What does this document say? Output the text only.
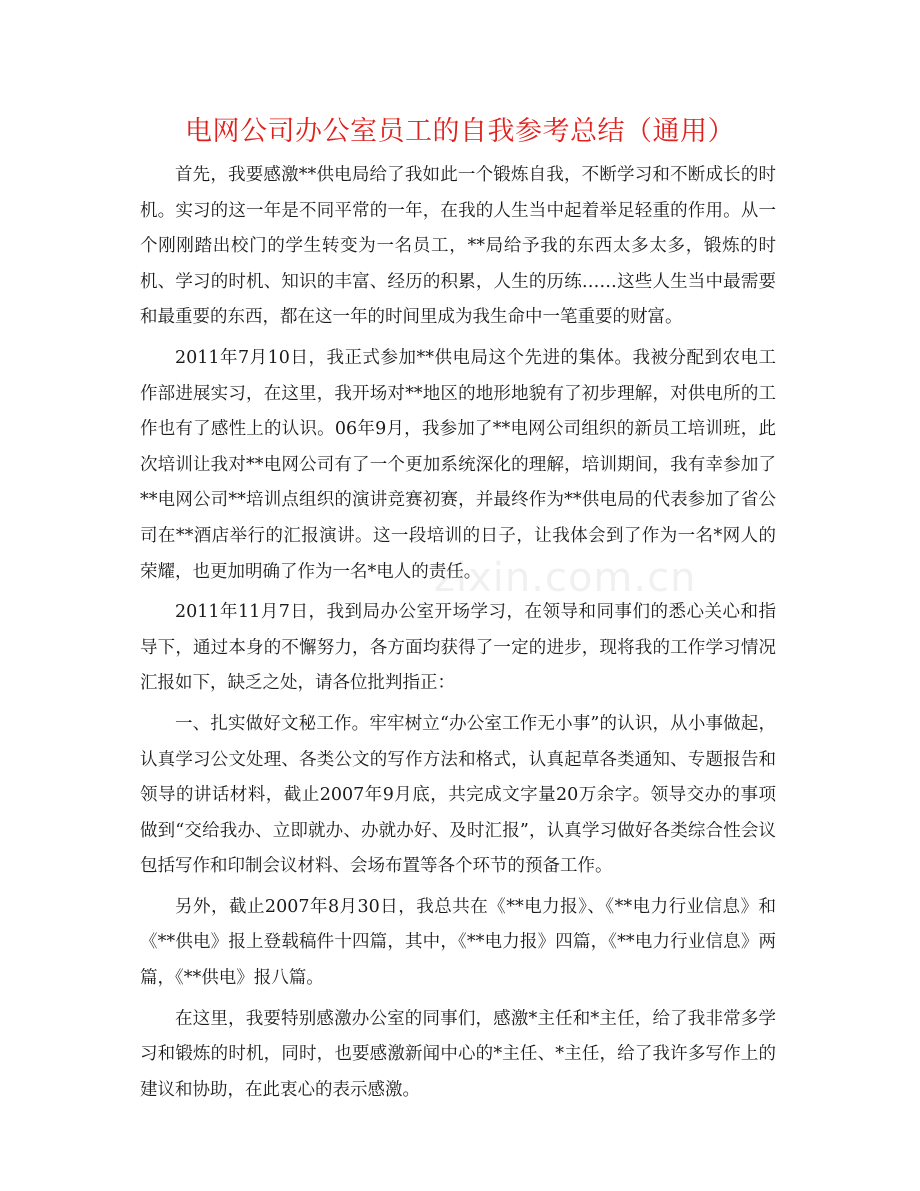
电网公司办公室员工的自我参考总结（通用）

首先，我要感激**供电局给了我如此一个锻炼自我，不断学习和不断成长的时机。实习的这一年是不同平常的一年，在我的人生当中起着举足轻重的作用。从一个刚刚踏出校门的学生转变为一名员工，**局给予我的东西太多太多，锻炼的时机、学习的时机、知识的丰富、经历的积累，人生的历练……这些人生当中最需要和最重要的东西，都在这一年的时间里成为我生命中一笔重要的财富。

2011年7月10日，我正式参加**供电局这个先进的集体。我被分配到农电工作部进展实习，在这里，我开场对**地区的地形地貌有了初步理解，对供电所的工作也有了感性上的认识。06年9月，我参加了**电网公司组织的新员工培训班，此次培训让我对**电网公司有了一个更加系统深化的理解，培训期间，我有幸参加了**电网公司**培训点组织的演讲竞赛初赛，并最终作为**供电局的代表参加了省公司在**酒店举行的汇报演讲。这一段培训的日子，让我体会到了作为一名*网人的荣耀，也更加明确了作为一名*电人的责任。

2011年11月7日，我到局办公室开场学习，在领导和同事们的悉心关心和指导下，通过本身的不懈努力，各方面均获得了一定的进步，现将我的工作学习情况汇报如下，缺乏之处，请各位批判指正：

一、扎实做好文秘工作。牢牢树立“办公室工作无小事”的认识，从小事做起，认真学习公文处理、各类公文的写作方法和格式，认真起草各类通知、专题报告和领导的讲话材料，截止2007年9月底，共完成文字量20万余字。领导交办的事项做到“交给我办、立即就办、办就办好、及时汇报”，认真学习做好各类综合性会议包括写作和印制会议材料、会场布置等各个环节的预备工作。

另外，截止2007年8月30日，我总共在《**电力报》、《**电力行业信息》和《**供电》报上登载稿件十四篇，其中，《**电力报》四篇，《**电力行业信息》两篇，《**供电》报八篇。

在这里，我要特别感激办公室的同事们，感激*主任和*主任，给了我非常多学习和锻炼的时机，同时，也要感激新闻中心的*主任、*主任，给了我许多写作上的建议和协助，在此衷心的表示感激。

zixin.com.cn
